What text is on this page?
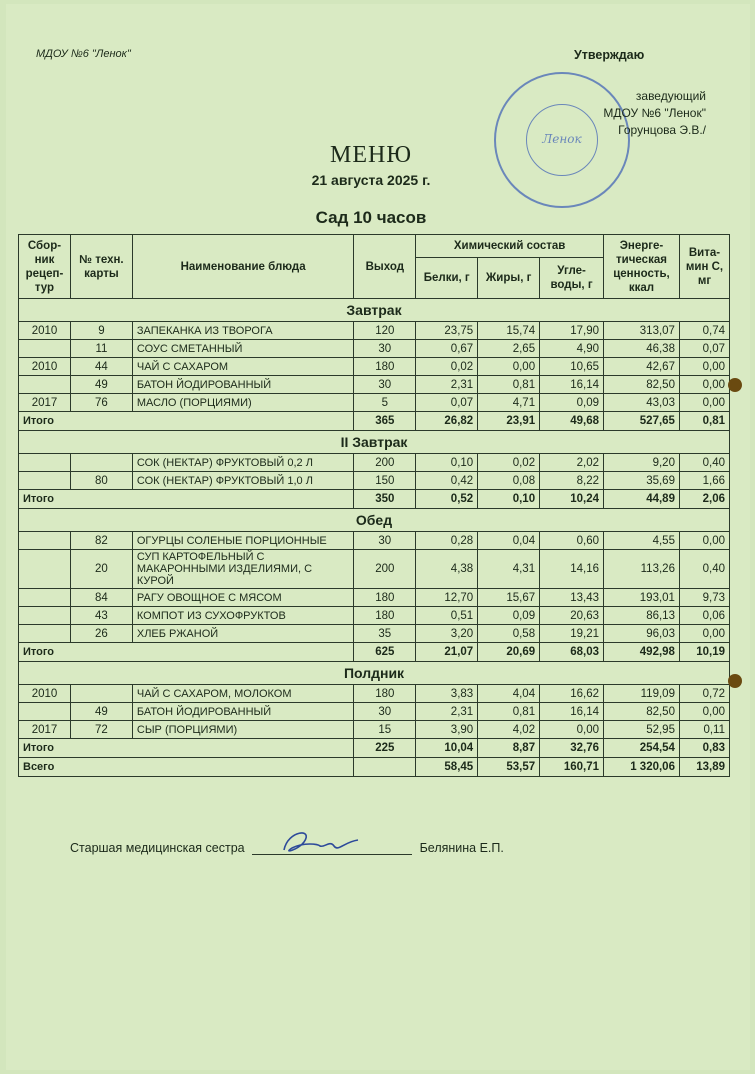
МДОУ №6 "Ленок"	Утверждаю
Ленок
заведующий
МДОУ №6 "Ленок"
Горунцова Э.В./
МЕНЮ
21 августа 2025 г.
Сад 10 часов
Сбор-ник рецеп-тур	№ техн. карты	Наименование блюда	Выход	Химический состав			Энерге-тическая ценность, ккал	Вита-мин С, мг
				Белки, г	Жиры, г	Угле-воды, г		
Завтрак								
2010	9	ЗАПЕКАНКА ИЗ ТВОРОГА	120	23,75	15,74	17,90	313,07	0,74
	11	СОУС СМЕТАННЫЙ	30	0,67	2,65	4,90	46,38	0,07
2010	44	ЧАЙ С САХАРОМ	180	0,02	0,00	10,65	42,67	0,00
	49	БАТОН ЙОДИРОВАННЫЙ	30	2,31	0,81	16,14	82,50	0,00
2017	76	МАСЛО (ПОРЦИЯМИ)	5	0,07	4,71	0,09	43,03	0,00
Итого			365	26,82	23,91	49,68	527,65	0,81
II Завтрак								
		СОК (НЕКТАР) ФРУКТОВЫЙ 0,2 Л	200	0,10	0,02	2,02	9,20	0,40
	80	СОК (НЕКТАР) ФРУКТОВЫЙ 1,0 Л	150	0,42	0,08	8,22	35,69	1,66
Итого			350	0,52	0,10	10,24	44,89	2,06
Обед								
	82	ОГУРЦЫ СОЛЕНЫЕ ПОРЦИОННЫЕ	30	0,28	0,04	0,60	4,55	0,00
	20	СУП КАРТОФЕЛЬНЫЙ С МАКАРОННЫМИ ИЗДЕЛИЯМИ, С КУРОЙ	200	4,38	4,31	14,16	113,26	0,40
	84	РАГУ ОВОЩНОЕ С МЯСОМ	180	12,70	15,67	13,43	193,01	9,73
	43	КОМПОТ ИЗ СУХОФРУКТОВ	180	0,51	0,09	20,63	86,13	0,06
	26	ХЛЕБ РЖАНОЙ	35	3,20	0,58	19,21	96,03	0,00
Итого			625	21,07	20,69	68,03	492,98	10,19
Полдник								
2010		ЧАЙ С САХАРОМ, МОЛОКОМ	180	3,83	4,04	16,62	119,09	0,72
	49	БАТОН ЙОДИРОВАННЫЙ	30	2,31	0,81	16,14	82,50	0,00
2017	72	СЫР (ПОРЦИЯМИ)	15	3,90	4,02	0,00	52,95	0,11
Итого			225	10,04	8,87	32,76	254,54	0,83
Всего				58,45	53,57	160,71	1 320,06	13,89
Старшая медицинская сестра	Белянина Е.П.
